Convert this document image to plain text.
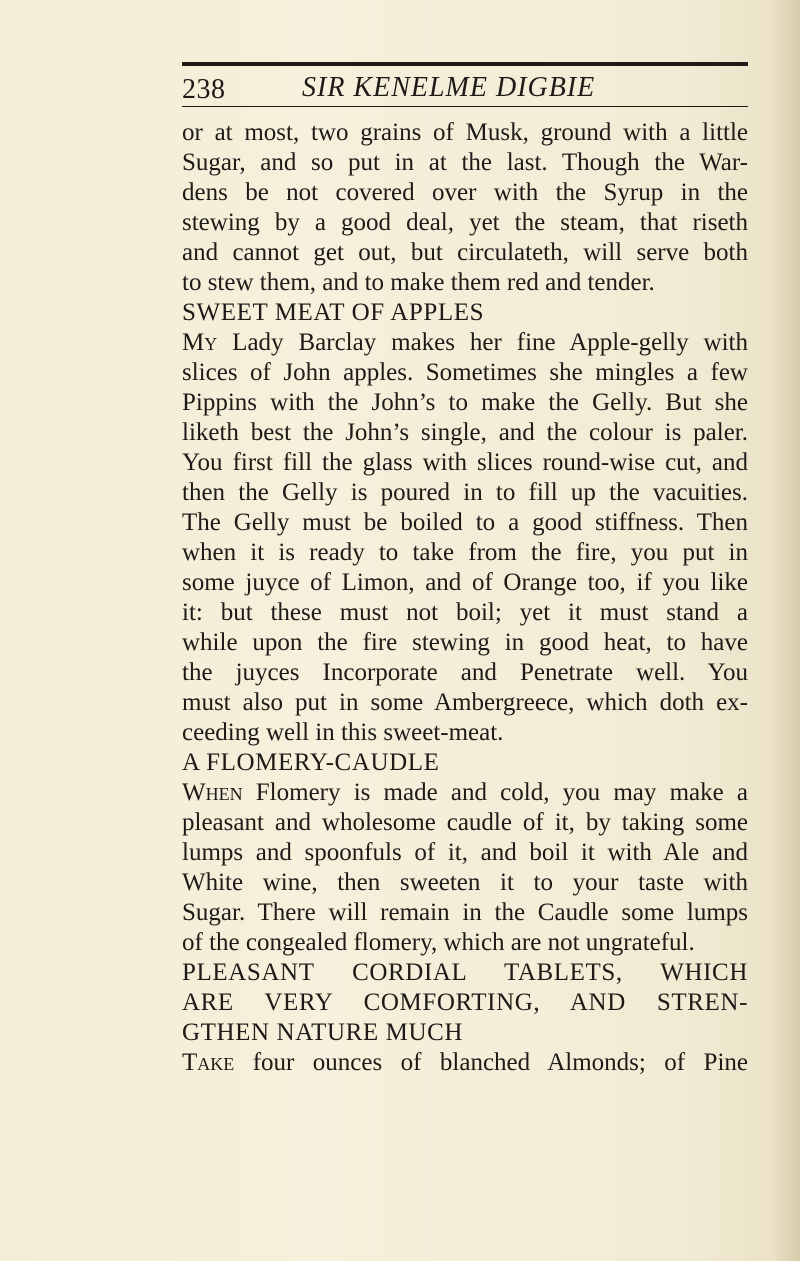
238	SIR KENELME DIGBIE
or at most, two grains of Musk, ground with a little
Sugar, and so put in at the last. Though the War-
dens be not covered over with the Syrup in the
stewing by a good deal, yet the steam, that riseth
and cannot get out, but circulateth, will serve both
to stew them, and to make them red and tender.
SWEET MEAT OF APPLES
My Lady Barclay makes her fine Apple-gelly with
slices of John apples. Sometimes she mingles a few
Pippins with the John’s to make the Gelly. But she
liketh best the John’s single, and the colour is paler.
You first fill the glass with slices round-wise cut, and
then the Gelly is poured in to fill up the vacuities.
The Gelly must be boiled to a good stiffness. Then
when it is ready to take from the fire, you put in
some juyce of Limon, and of Orange too, if you like
it: but these must not boil; yet it must stand a
while upon the fire stewing in good heat, to have
the juyces Incorporate and Penetrate well. You
must also put in some Ambergreece, which doth ex-
ceeding well in this sweet-meat.
A FLOMERY-CAUDLE
When Flomery is made and cold, you may make a
pleasant and wholesome caudle of it, by taking some
lumps and spoonfuls of it, and boil it with Ale and
White wine, then sweeten it to your taste with
Sugar. There will remain in the Caudle some lumps
of the congealed flomery, which are not ungrateful.
PLEASANT CORDIAL TABLETS, WHICH
ARE VERY COMFORTING, AND STREN-
GTHEN NATURE MUCH
Take four ounces of blanched Almonds; of Pine
